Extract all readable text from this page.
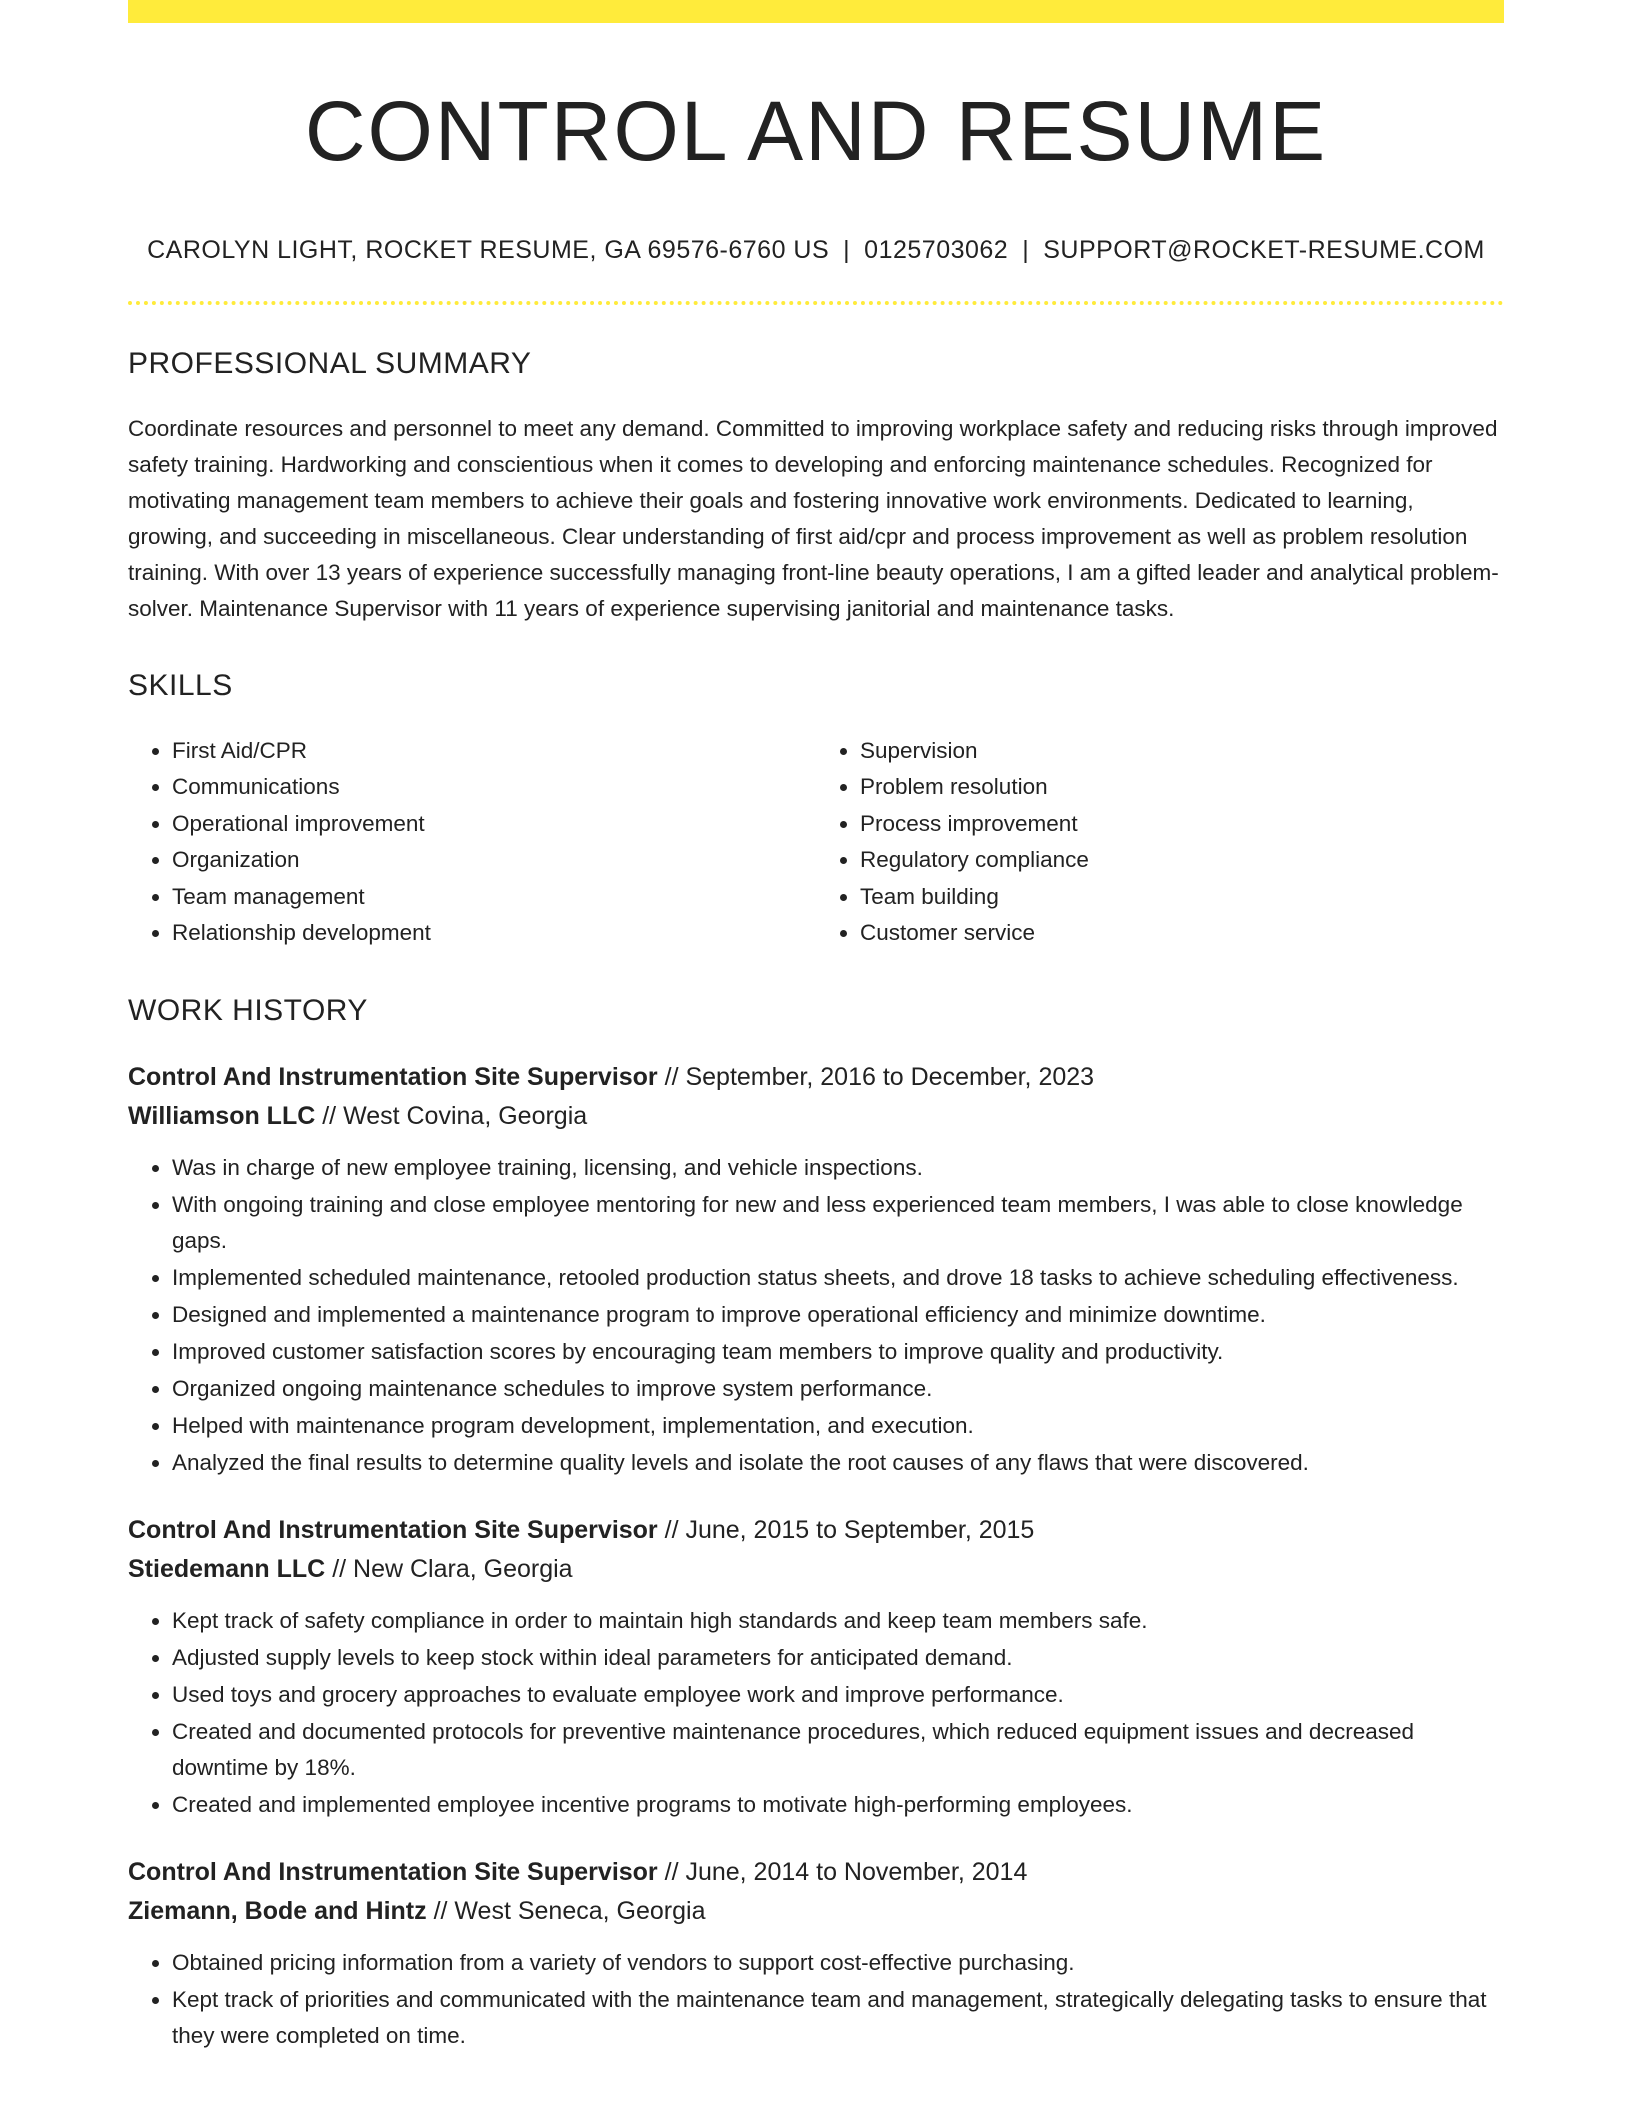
CONTROL AND RESUME
CAROLYN LIGHT, ROCKET RESUME, GA 69576-6760 US | 0125703062 | SUPPORT@ROCKET-RESUME.COM
PROFESSIONAL SUMMARY

Coordinate resources and personnel to meet any demand. Committed to improving workplace safety and reducing risks through improved safety training. Hardworking and conscientious when it comes to developing and enforcing maintenance schedules. Recognized for motivating management team members to achieve their goals and fostering innovative work environments. Dedicated to learning, growing, and succeeding in miscellaneous. Clear understanding of first aid/cpr and process improvement as well as problem resolution training. With over 13 years of experience successfully managing front-line beauty operations, I am a gifted leader and analytical problem-solver. Maintenance Supervisor with 11 years of experience supervising janitorial and maintenance tasks.

SKILLS
• First Aid/CPR
• Communications
• Operational improvement
• Organization
• Team management
• Relationship development
• Supervision
• Problem resolution
• Process improvement
• Regulatory compliance
• Team building
• Customer service
WORK HISTORY
Control And Instrumentation Site Supervisor // September, 2016 to December, 2023
Williamson LLC // West Covina, Georgia
• Was in charge of new employee training, licensing, and vehicle inspections.
• With ongoing training and close employee mentoring for new and less experienced team members, I was able to close knowledge gaps.
• Implemented scheduled maintenance, retooled production status sheets, and drove 18 tasks to achieve scheduling effectiveness.
• Designed and implemented a maintenance program to improve operational efficiency and minimize downtime.
• Improved customer satisfaction scores by encouraging team members to improve quality and productivity.
• Organized ongoing maintenance schedules to improve system performance.
• Helped with maintenance program development, implementation, and execution.
• Analyzed the final results to determine quality levels and isolate the root causes of any flaws that were discovered.
Control And Instrumentation Site Supervisor // June, 2015 to September, 2015
Stiedemann LLC // New Clara, Georgia
• Kept track of safety compliance in order to maintain high standards and keep team members safe.
• Adjusted supply levels to keep stock within ideal parameters for anticipated demand.
• Used toys and grocery approaches to evaluate employee work and improve performance.
• Created and documented protocols for preventive maintenance procedures, which reduced equipment issues and decreased downtime by 18%.
• Created and implemented employee incentive programs to motivate high-performing employees.
Control And Instrumentation Site Supervisor // June, 2014 to November, 2014
Ziemann, Bode and Hintz // West Seneca, Georgia
• Obtained pricing information from a variety of vendors to support cost-effective purchasing.
• Kept track of priorities and communicated with the maintenance team and management, strategically delegating tasks to ensure that they were completed on time.
